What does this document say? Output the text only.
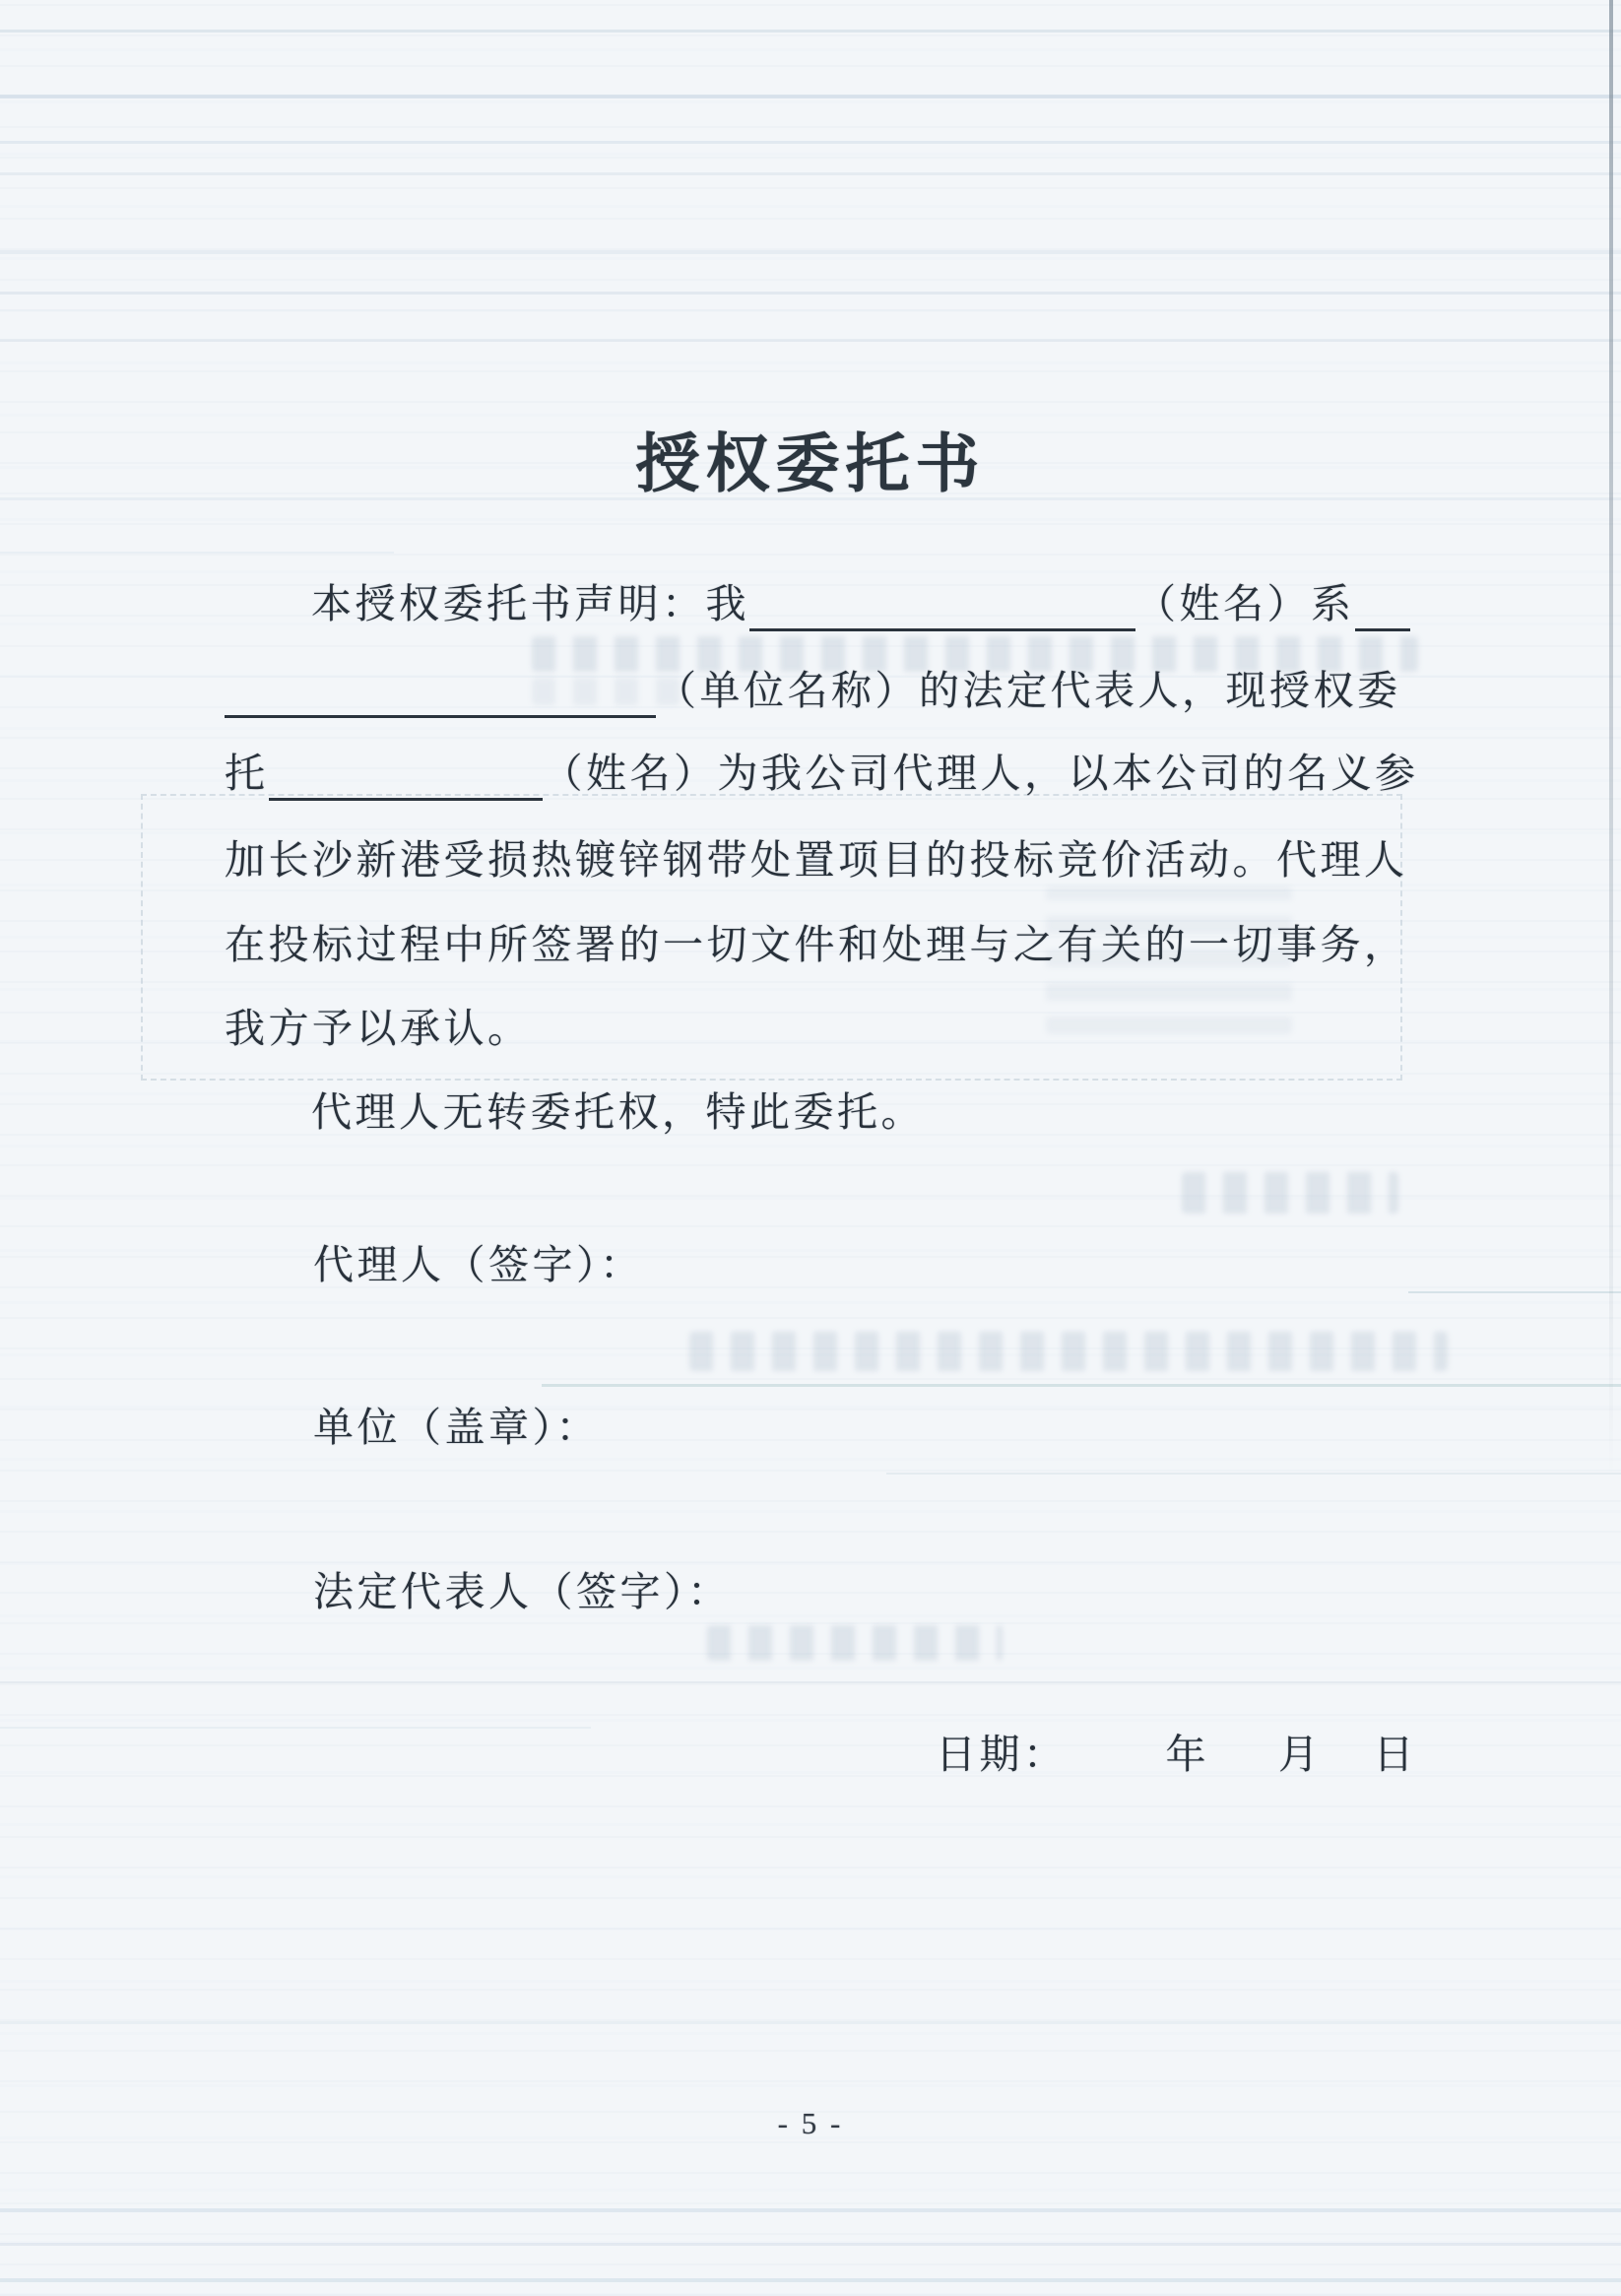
授权委托书
本授权委托书声明：我	（姓名）系
（单位名称）的法定代表人，现授权委
托	（姓名）为我公司代理人，以本公司的名义参
加长沙新港受损热镀锌钢带处置项目的投标竞价活动。代理人
在投标过程中所签署的一切文件和处理与之有关的一切事务，
我方予以承认。
代理人无转委托权，特此委托。
代理人（签字）：
单位（盖章）：
法定代表人（签字）：
日期： 年 月 日
- 5 -
